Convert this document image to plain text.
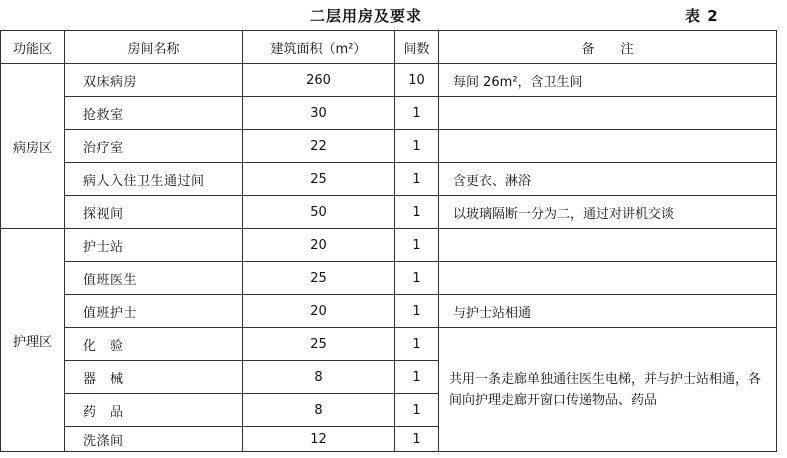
二层用房及要求	表 2
功能区	房间名称	建筑面积（m²）	间数	备　　注
病房区	双床病房	260	10	每间 26m²，含卫生间
	抢救室	30	1	
	治疗室	22	1	
	病人入住卫生通过间	25	1	含更衣、淋浴
	探视间	50	1	以玻璃隔断一分为二，通过对讲机交谈
护理区	护士站	20	1	
	值班医生	25	1	
	值班护士	20	1	与护士站相通
	化　验	25	1	共用一条走廊单独通往医生电梯，并与护士站相通，各间向护理走廊开窗口传递物品、药品
	器　械	8	1	
	药　品	8	1	
	洗涤间	12	1	
